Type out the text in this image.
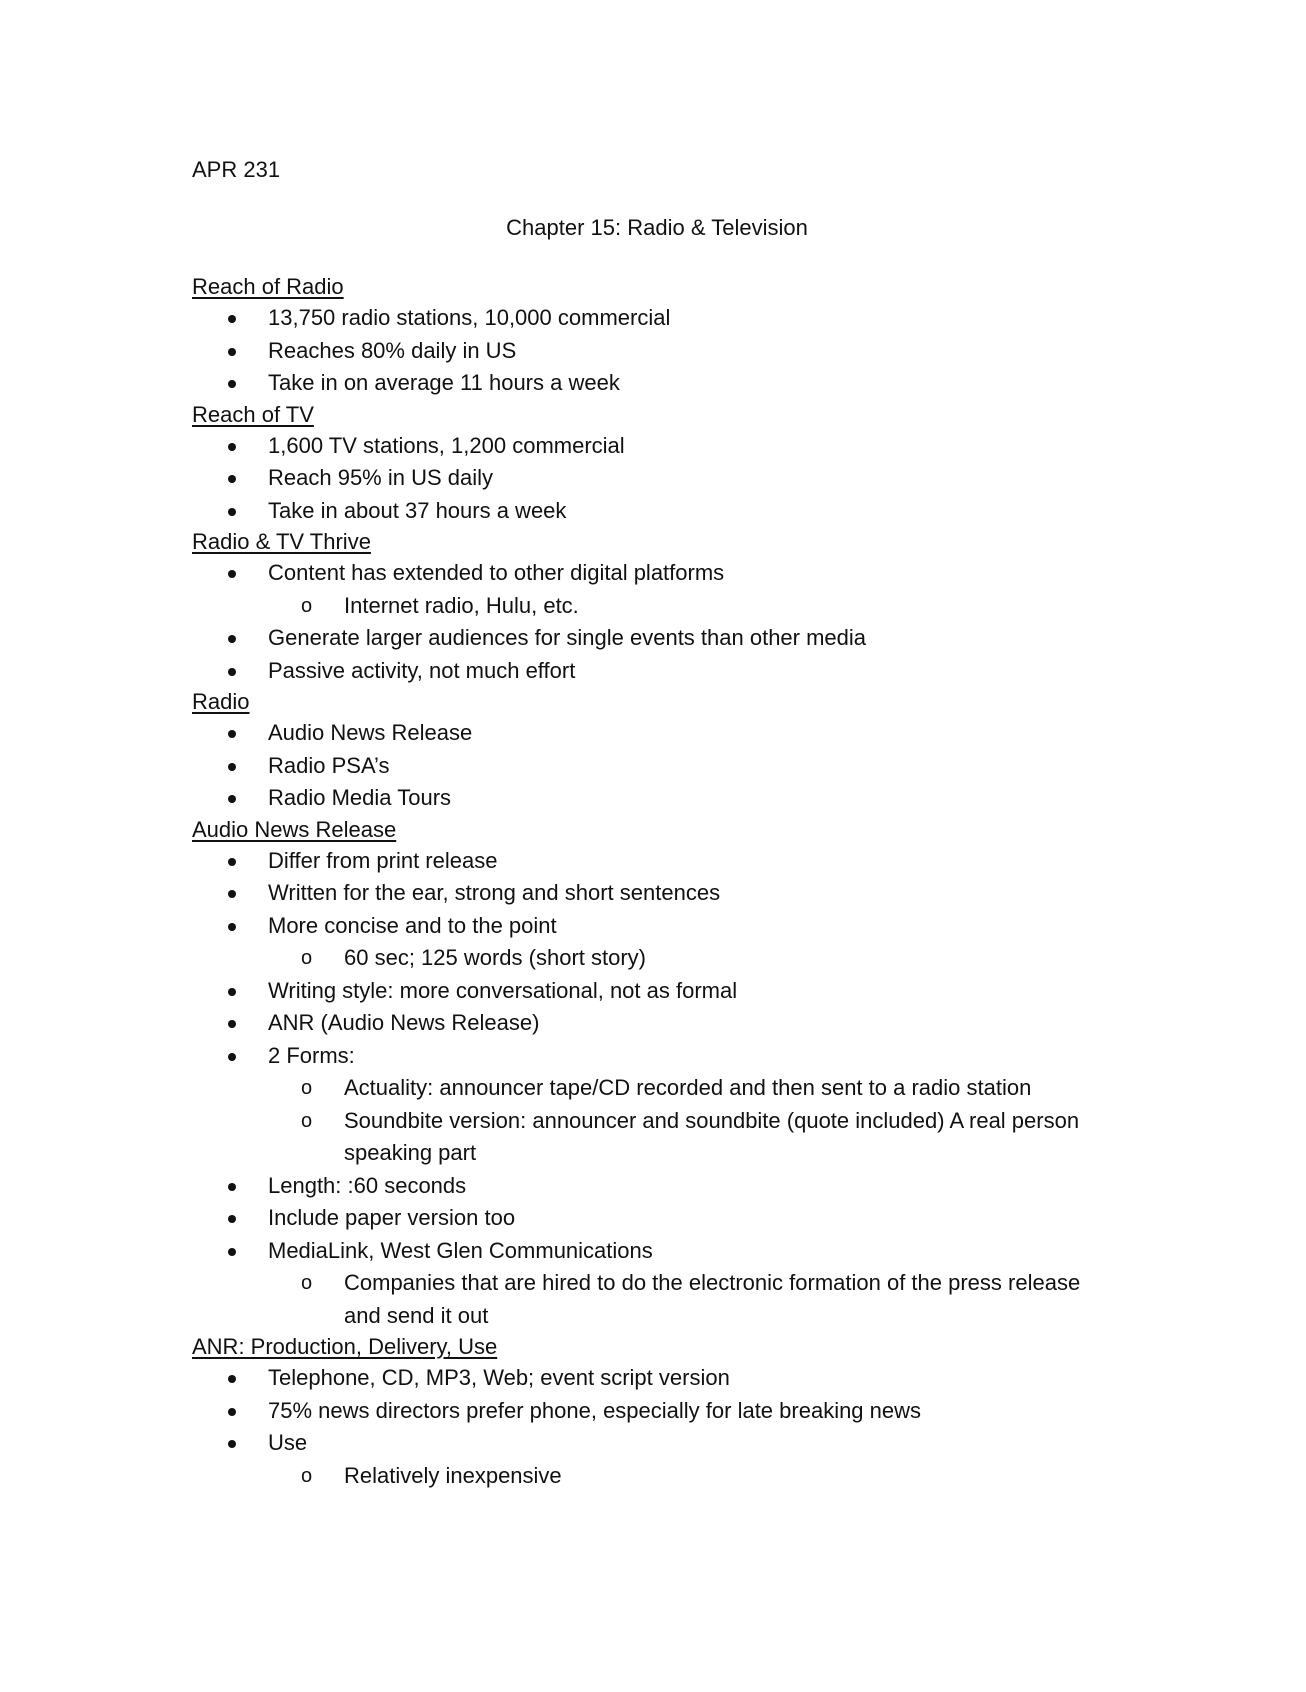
APR 231

Chapter 15: Radio & Television
Reach of Radio
13,750 radio stations, 10,000 commercial
Reaches 80% daily in US
Take in on average 11 hours a week
Reach of TV
1,600 TV stations, 1,200 commercial
Reach 95% in US daily
Take in about 37 hours a week
Radio & TV Thrive
Content has extended to other digital platforms
o Internet radio, Hulu, etc.
Generate larger audiences for single events than other media
Passive activity, not much effort
Radio
Audio News Release
Radio PSA’s
Radio Media Tours
Audio News Release
Differ from print release
Written for the ear, strong and short sentences
More concise and to the point
o 60 sec; 125 words (short story)
Writing style: more conversational, not as formal
ANR (Audio News Release)
2 Forms:
o Actuality: announcer tape/CD recorded and then sent to a radio station
o Soundbite version: announcer and soundbite (quote included) A real person speaking part
Length: :60 seconds
Include paper version too
MediaLink, West Glen Communications
o Companies that are hired to do the electronic formation of the press release and send it out
ANR: Production, Delivery, Use
Telephone, CD, MP3, Web; event script version
75% news directors prefer phone, especially for late breaking news
Use
o Relatively inexpensive
